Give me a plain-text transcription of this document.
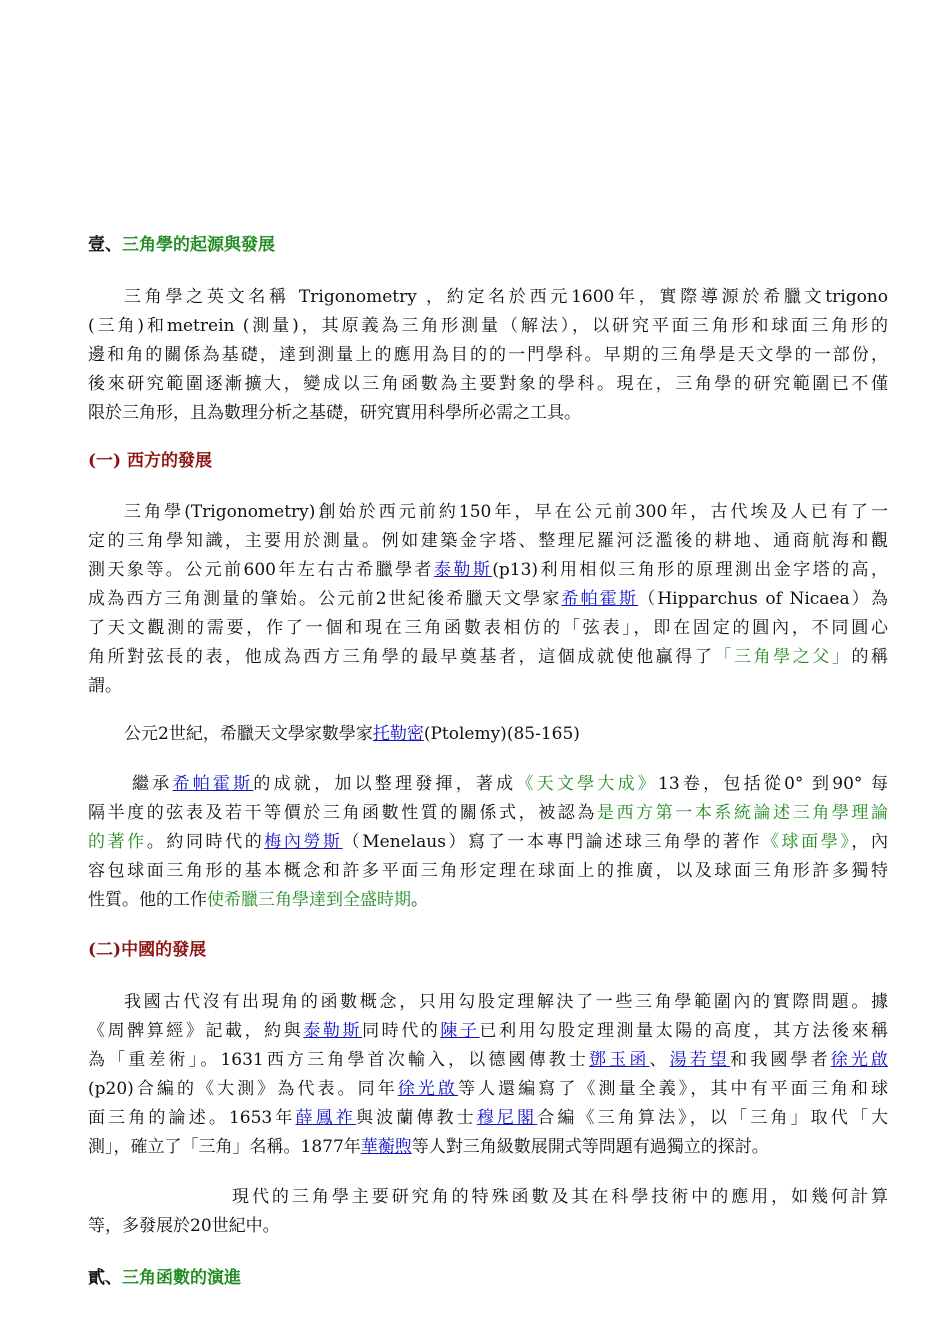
壹、三角學的起源與發展
三角學之英文名稱 Trigonometry ，約定名於西元1600年，實際導源於希臘文trigono
(三角)和metrein (測量)，其原義為三角形測量（解法），以研究平面三角形和球面三角形的
邊和角的關係為基礎，達到測量上的應用為目的的一門學科。早期的三角學是天文學的一部份，
後來研究範圍逐漸擴大，變成以三角函數為主要對象的學科。現在，三角學的研究範圍已不僅
限於三角形，且為數理分析之基礎，研究實用科學所必需之工具。
(一) 西方的發展
三角學(Trigonometry)創始於西元前約150年，早在公元前300年，古代埃及人已有了一
定的三角學知識，主要用於測量。例如建築金字塔、整理尼羅河泛濫後的耕地、通商航海和觀
測天象等。公元前600年左右古希臘學者泰勒斯(p13)利用相似三角形的原理測出金字塔的高，
成為西方三角測量的肇始。公元前2世紀後希臘天文學家希帕霍斯（Hipparchus of Nicaea）為
了天文觀測的需要，作了一個和現在三角函數表相仿的「弦表」，即在固定的圓內，不同圓心
角所對弦長的表，他成為西方三角學的最早奠基者，這個成就使他贏得了「三角學之父」的稱
謂。
公元2世紀，希臘天文學家數學家托勒密(Ptolemy)(85-165)
繼承希帕霍斯的成就，加以整理發揮，著成《天文學大成》13卷，包括從0° 到90° 每
隔半度的弦表及若干等價於三角函數性質的關係式，被認為是西方第一本系統論述三角學理論
的著作。約同時代的梅內勞斯（Menelaus）寫了一本專門論述球三角學的著作《球面學》，內
容包球面三角形的基本概念和許多平面三角形定理在球面上的推廣，以及球面三角形許多獨特
性質。他的工作使希臘三角學達到全盛時期。
(二)中國的發展
我國古代沒有出現角的函數概念，只用勾股定理解決了一些三角學範圍內的實際問題。據
《周髀算經》記載，約與泰勒斯同時代的陳子已利用勾股定理測量太陽的高度，其方法後來稱
為「重差術」。1631西方三角學首次輸入，以德國傳教士鄧玉函、湯若望和我國學者徐光啟
(p20)合編的《大測》為代表。同年徐光啟等人還編寫了《測量全義》，其中有平面三角和球
面三角的論述。1653年薛鳳祚與波蘭傳教士穆尼閣合編《三角算法》，以「三角」取代「大
測」，確立了「三角」名稱。1877年華蘅煦等人對三角級數展開式等問題有過獨立的探討。
現代的三角學主要研究角的特殊函數及其在科學技術中的應用，如幾何計算
等，多發展於20世紀中。
貳、三角函數的演進
